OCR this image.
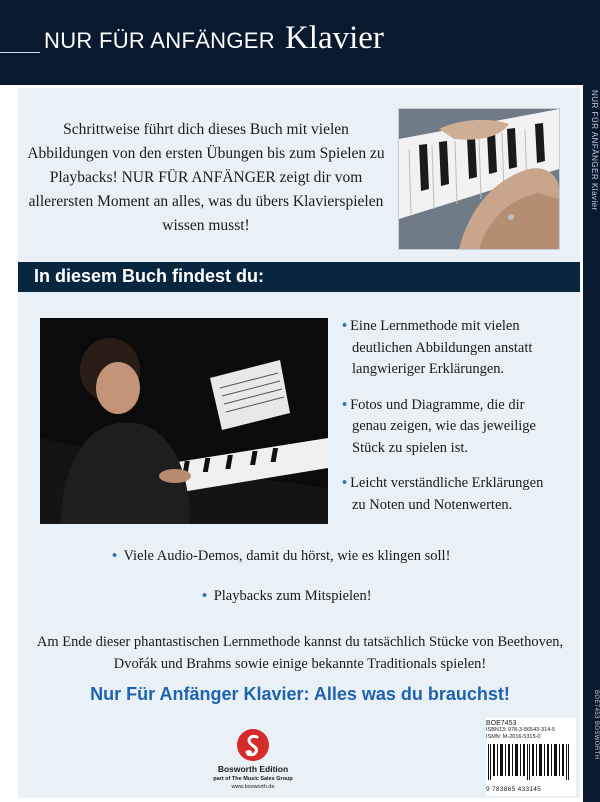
NUR FÜR ANFÄNGER Klavier
NUR FÜR ANFÄNGER Klavier
BOE7453 BOSWORTH
Schrittweise führt dich dieses Buch mit vielen Abbildungen von den ersten Übungen bis zum Spielen zu Playbacks! NUR FÜR ANFÄNGER zeigt dir vom allerersten Moment an alles, was du übers Klavierspielen wissen musst!
In diesem Buch findest du:
• Eine Lernmethode mit vielen deutlichen Abbildungen anstatt langwieriger Erklärungen.
• Fotos und Diagramme, die dir genau zeigen, wie das jeweilige Stück zu spielen ist.
• Leicht verständliche Erklärungen zu Noten und Notenwerten.
• Viele Audio-Demos, damit du hörst, wie es klingen soll!
• Playbacks zum Mitspielen!
Am Ende dieser phantastischen Lernmethode kannst du tatsächlich Stücke von Beethoven, Dvořák und Brahms sowie einige bekannte Traditionals spielen!
Nur Für Anfänger Klavier: Alles was du brauchst!
Bosworth Edition
part of The Music Sales Group
www.bosworth.de
BOE7453
ISBN13: 978-3-86543-314-5
ISMN: M-2016-5315-0
9 783865 433145
